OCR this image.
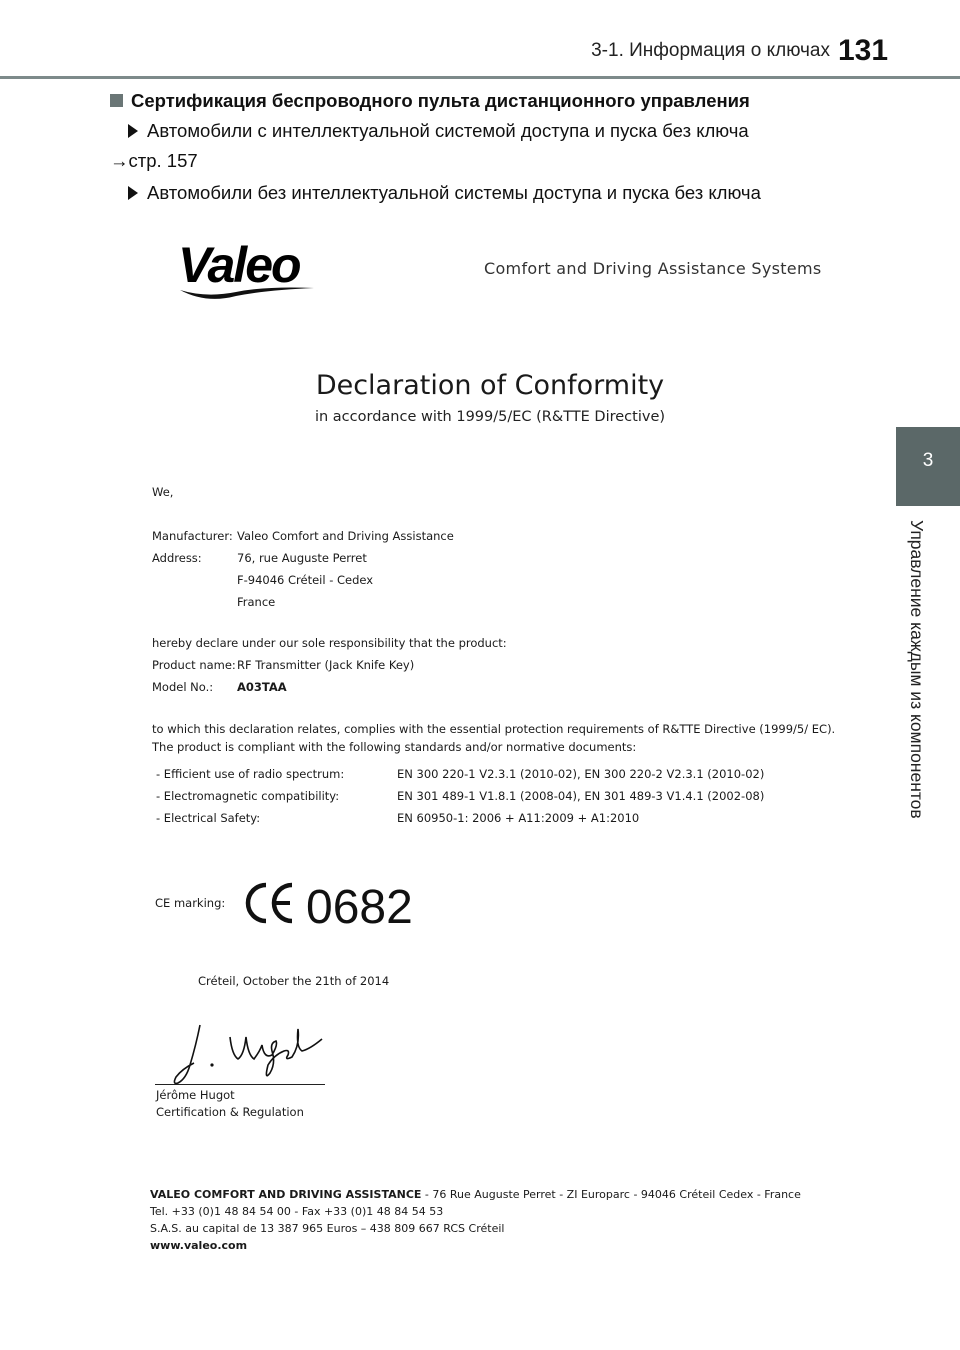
3-1. Информация о ключах 131
3
Управление каждым из компонентов
Сертификация беспроводного пульта дистанционного управления
Автомобили с интеллектуальной системой доступа и пуска без ключа
→стр. 157
Автомобили без интеллектуальной системы доступа и пуска без ключа
Valeo	Comfort and Driving Assistance Systems
Declaration of Conformity
in accordance with 1999/5/EC (R&TTE Directive)
We,
Manufacturer: Valeo Comfort and Driving Assistance
Address:	76, rue Auguste Perret
F-94046 Créteil - Cedex
France
hereby declare under our sole responsibility that the product:
Product name: RF Transmitter (Jack Knife Key)
Model No.: A03TAA
to which this declaration relates, complies with the essential protection requirements of R&TTE Directive (1999/5/ EC).
The product is compliant with the following standards and/or normative documents:
- Efficient use of radio spectrum:	EN 300 220-1 V2.3.1 (2010-02), EN 300 220-2 V2.3.1 (2010-02)
- Electromagnetic compatibility:	EN 301 489-1 V1.8.1 (2008-04), EN 301 489-3 V1.4.1 (2002-08)
- Electrical Safety:	EN 60950-1: 2006 + A11:2009 + A1:2010
CE marking: 0682
Créteil, October the 21th of 2014
Jérôme Hugot
Certification & Regulation
VALEO COMFORT AND DRIVING ASSISTANCE - 76 Rue Auguste Perret - ZI Europarc - 94046 Créteil Cedex - France
Tel. +33 (0)1 48 84 54 00 - Fax +33 (0)1 48 84 54 53
S.A.S. au capital de 13 387 965 Euros – 438 809 667 RCS Créteil
www.valeo.com
